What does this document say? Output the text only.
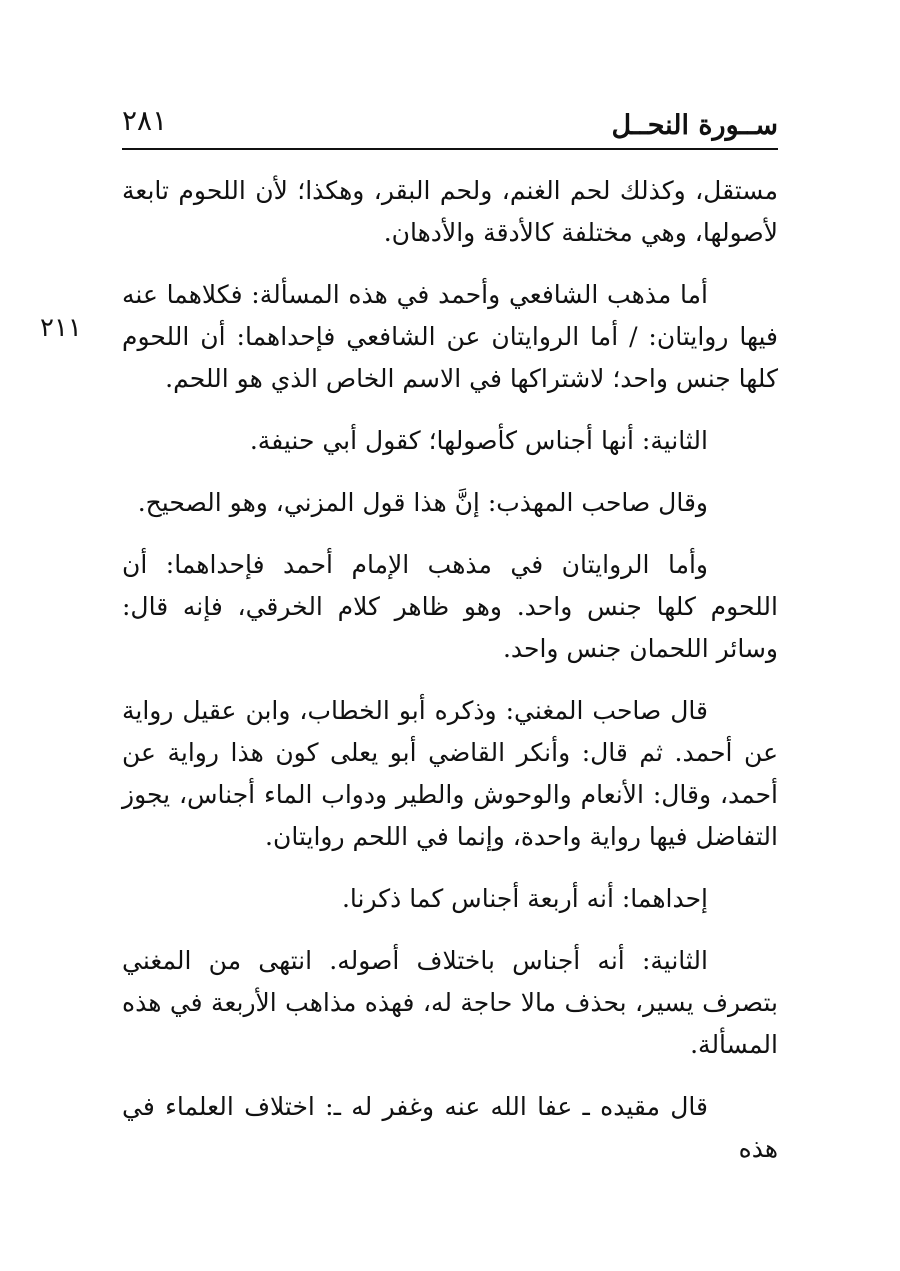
ســورة النحــل
٢٨١
٢١١

مستقل، وكذلك لحم الغنم، ولحم البقر، وهكذا؛ لأن اللحوم تابعة لأصولها، وهي مختلفة كالأدقة والأدهان.

أما مذهب الشافعي وأحمد في هذه المسألة: فكلاهما عنه فيها روايتان: / أما الروايتان عن الشافعي فإحداهما: أن اللحوم كلها جنس واحد؛ لاشتراكها في الاسم الخاص الذي هو اللحم.

الثانية: أنها أجناس كأصولها؛ كقول أبي حنيفة.

وقال صاحب المهذب: إنَّ هذا قول المزني، وهو الصحيح.

وأما الروايتان في مذهب الإمام أحمد فإحداهما: أن اللحوم كلها جنس واحد. وهو ظاهر كلام الخرقي، فإنه قال: وسائر اللحمان جنس واحد.

قال صاحب المغني: وذكره أبو الخطاب، وابن عقيل رواية عن أحمد. ثم قال: وأنكر القاضي أبو يعلى كون هذا رواية عن أحمد، وقال: الأنعام والوحوش والطير ودواب الماء أجناس، يجوز التفاضل فيها رواية واحدة، وإنما في اللحم روايتان.

إحداهما: أنه أربعة أجناس كما ذكرنا.

الثانية: أنه أجناس باختلاف أصوله. انتهى من المغني بتصرف يسير، بحذف مالا حاجة له، فهذه مذاهب الأربعة في هذه المسألة.

قال مقيده ـ عفا الله عنه وغفر له ـ: اختلاف العلماء في هذه
